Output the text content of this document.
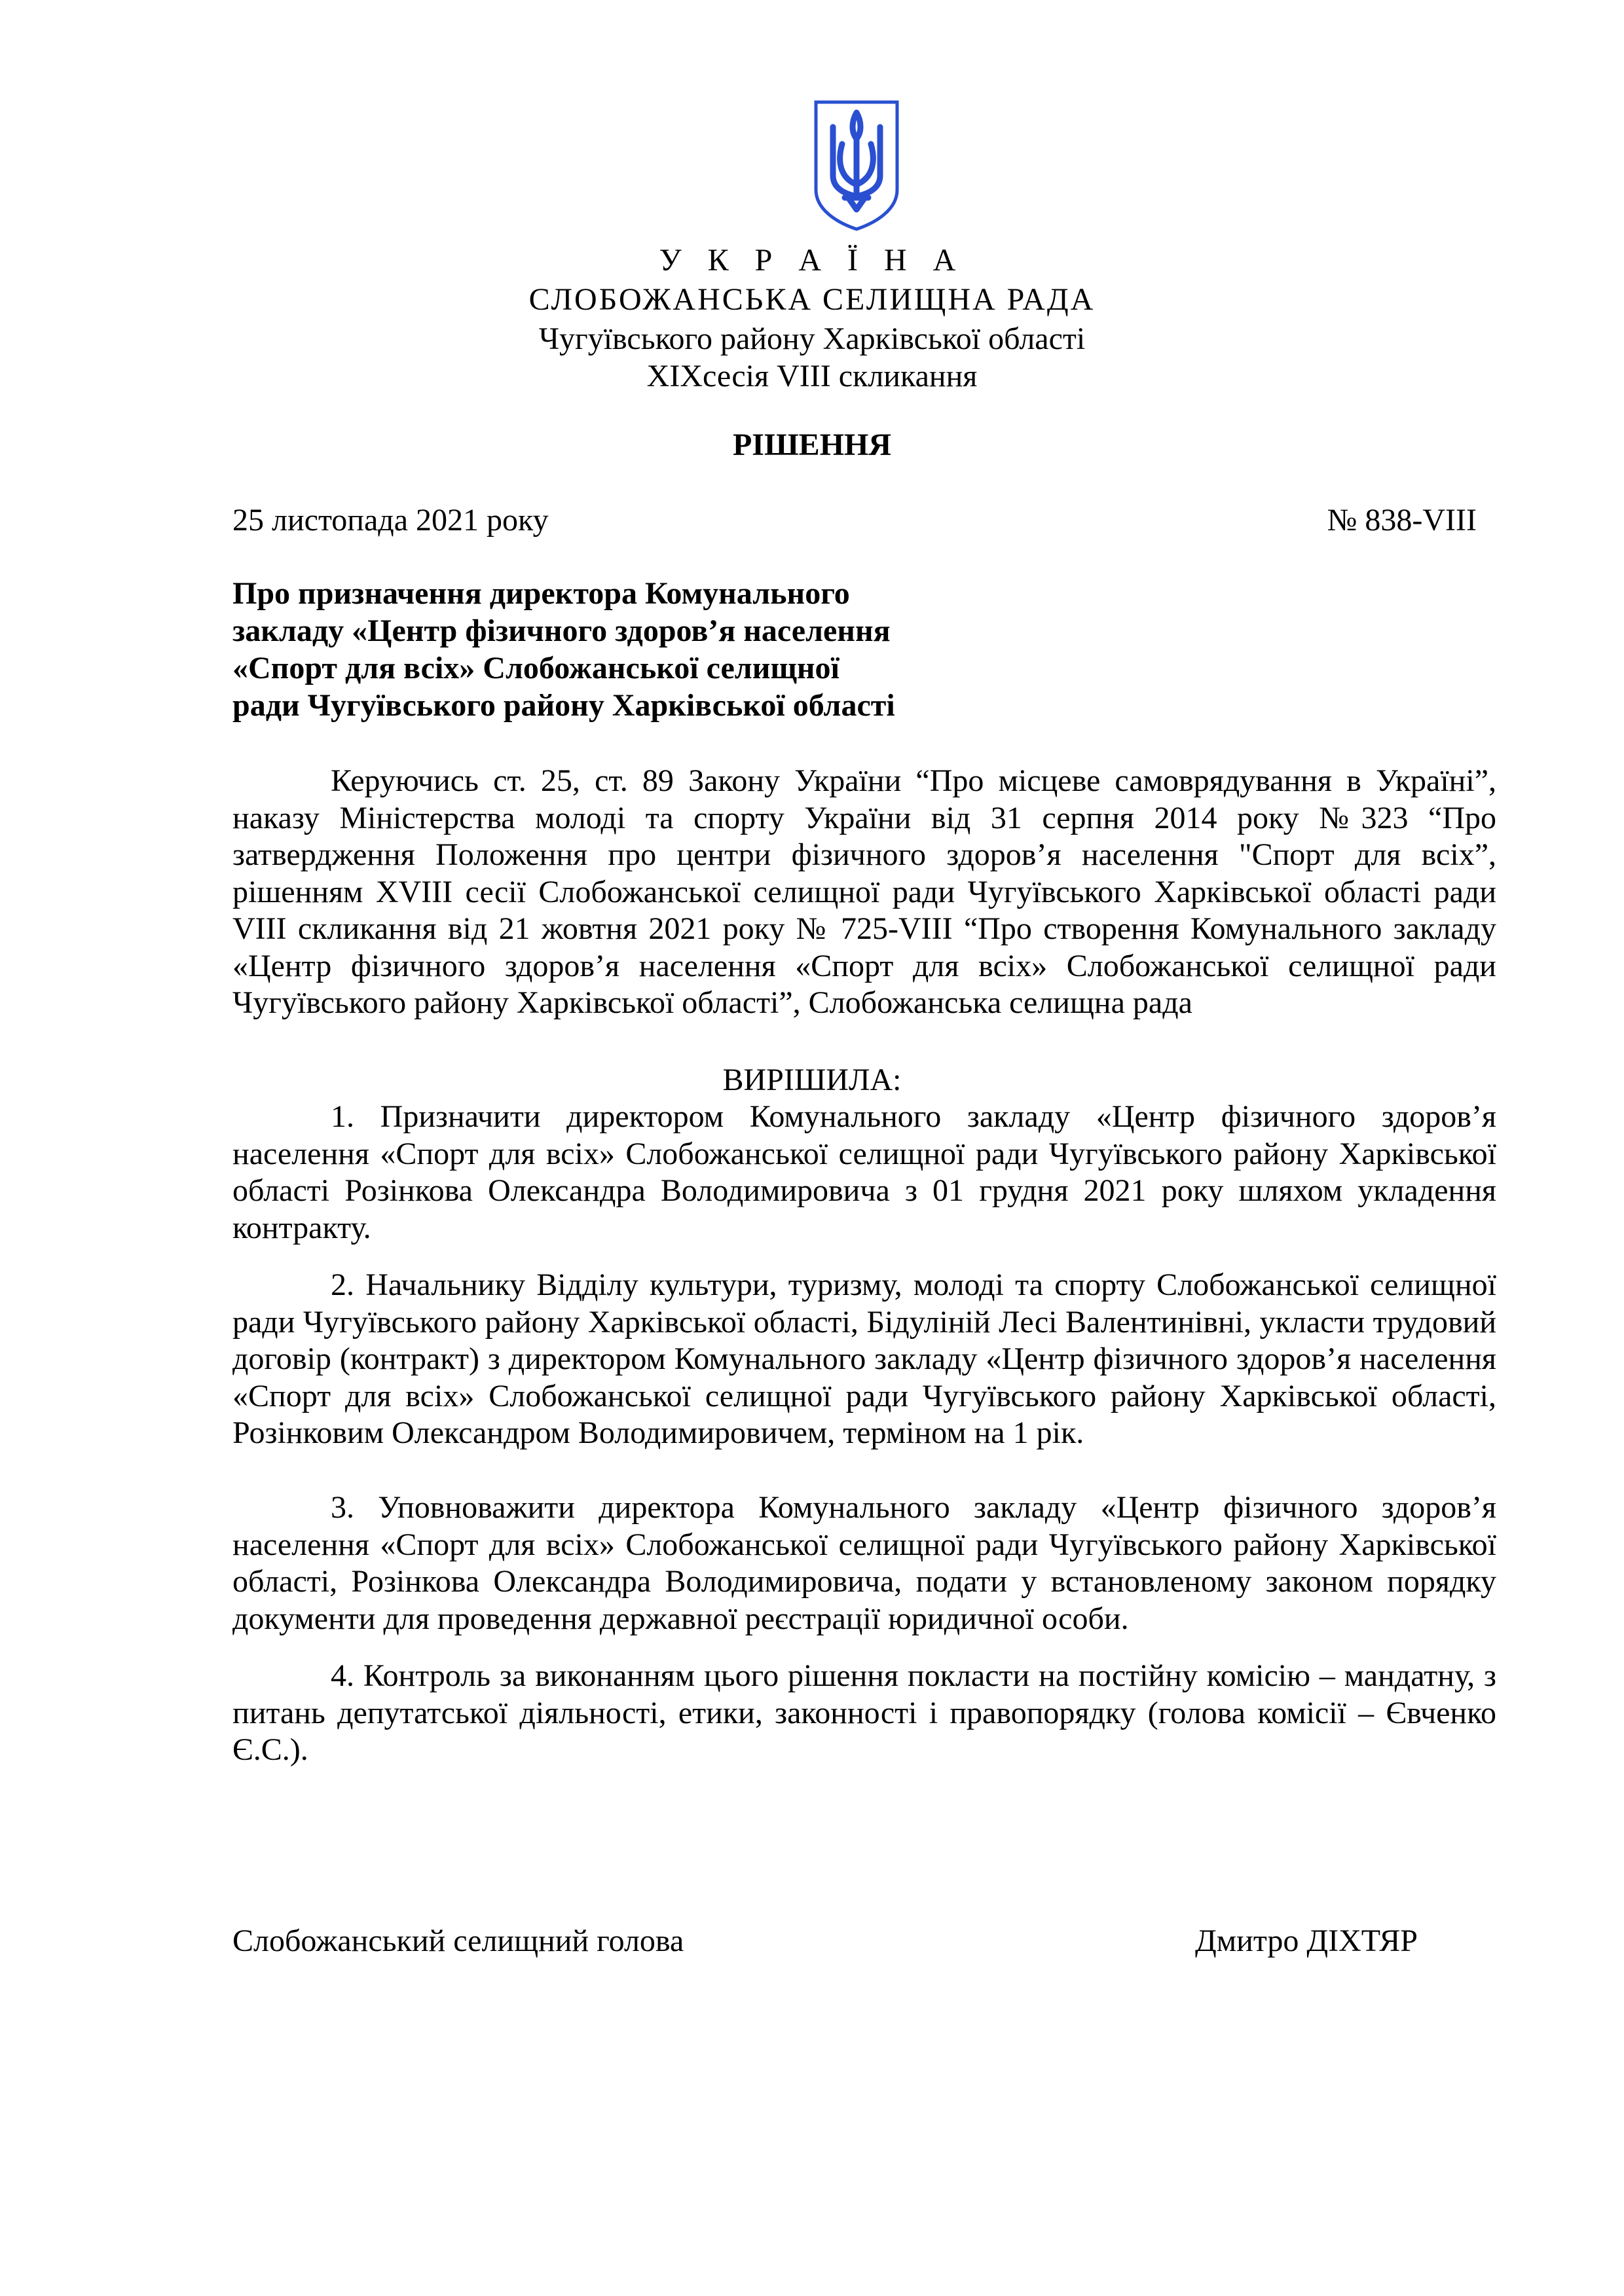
У К Р А Ї Н А
СЛОБОЖАНСЬКА СЕЛИЩНА РАДА
Чугуївського району Харківської області
XIXсесія VIII скликання
РІШЕННЯ
25 листопада 2021 року	№ 838-VIII
Про призначення директора Комунального
закладу «Центр фізичного здоров’я населення
«Спорт для всіх» Слобожанської селищної
ради Чугуївського району Харківської області

Керуючись ст. 25, ст. 89 Закону України “Про місцеве самоврядування в Україні”, наказу Міністерства молоді та спорту України від 31 серпня 2014 року №323 “Про затвердження Положення про центри фізичного здоров’я населення "Спорт для всіх”, рішенням XVIII сесії Слобожанської селищної ради Чугуївського Харківської області ради VIII скликання від 21 жовтня 2021 року № 725-VIII “Про створення Комунального закладу «Центр фізичного здоров’я населення «Спорт для всіх» Слобожанської селищної ради Чугуївського району Харківської області”, Слобожанська селищна рада

ВИРІШИЛА:

1. Призначити директором Комунального закладу «Центр фізичного здоров’я населення «Спорт для всіх» Слобожанської селищної ради Чугуївського району Харківської області Розінкова Олександра Володимировича з 01 грудня 2021 року шляхом укладення контракту.

2. Начальнику Відділу культури, туризму, молоді та спорту Слобожанської селищної ради Чугуївського району Харківської області, Бідуліній Лесі Валентинівні, укласти трудовий договір (контракт) з директором Комунального закладу «Центр фізичного здоров’я населення «Спорт для всіх» Слобожанської селищної ради Чугуївського району Харківської області, Розінковим Олександром Володимировичем, терміном на 1 рік.

3. Уповноважити директора Комунального закладу «Центр фізичного здоров’я населення «Спорт для всіх» Слобожанської селищної ради Чугуївського району Харківської області, Розінкова Олександра Володимировича, подати у встановленому законом порядку документи для проведення державної реєстрації юридичної особи.

4. Контроль за виконанням цього рішення покласти на постійну комісію – мандатну, з питань депутатської діяльності, етики, законності і правопорядку (голова комісії – Євченко Є.С.).

Слобожанський селищний голова	Дмитро ДІХТЯР
